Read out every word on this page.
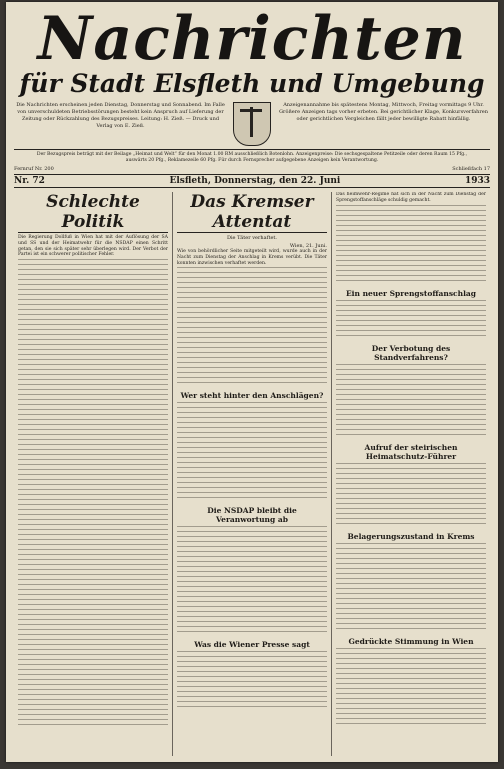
Nachrichten
für Stadt Elsfleth und Umgebung
Die Nachrichten erscheinen jeden Dienstag, Donnerstag und Sonnabend. Im Falle von unverschuldeten Betriebsstörungen besteht kein Anspruch auf Lieferung der Zeitung oder Rückzahlung des Bezugspreises. Leitung: H. Zieß. — Druck und Verlag von E. Zieß.
Anzeigenannahme bis spätestens Montag, Mittwoch, Freitag vormittags 9 Uhr. Größere Anzeigen tags vorher erbeten. Bei gerichtlicher Klage, Konkursverfahren oder gerichtlichen Vergleichen fällt jeder bewilligte Rabatt hinfällig.
Der Bezugspreis beträgt mit der Beilage „Heimat und Welt“ für den Monat 1.00 RM ausschließlich Botenlohn. Anzeigenpreise: Die sechsgespaltene Petitzeile oder deren Raum 15 Pfg., auswärts 20 Pfg., Reklamezeile 60 Pfg. Für durch Fernsprecher aufgegebene Anzeigen kein Verantwortung.
Fernruf Nr. 200	Schließfach 17
Nr. 72	Elsfleth, Donnerstag, den 22. Juni	1933
Schlechte Politik
Die Regierung Dollfuß in Wien hat mit der Auflösung der SA und SS und der Heimatwehr für die NSDAP einen Schritt getan, den sie sich später sehr überlegen wird. Der Verbot der Partei ist ein schwerer politischer Fehler.
Das Kremser Attentat
Die Täter verhaftet.
Wien, 21. Juni.
Wie von behördlicher Seite mitgeteilt wird, wurde auch in der Nacht zum Dienstag der Anschlag in Krems verübt. Die Täter konnten inzwischen verhaftet werden.
Wer steht hinter den Anschlägen?
Die NSDAP bleibt die Veranwortung ab
Was die Wiener Presse sagt
Das heimwehr-Regime hat sich in der Nacht zum Dienstag der Sprengstoffanschläge schuldig gemacht.
Ein neuer Sprengstoffanschlag
Der Verbotung des Standverfahrens?
Aufruf der steirischen Heimatschutz-Führer
Belagerungszustand in Krems
Gedrückte Stimmung in Wien
